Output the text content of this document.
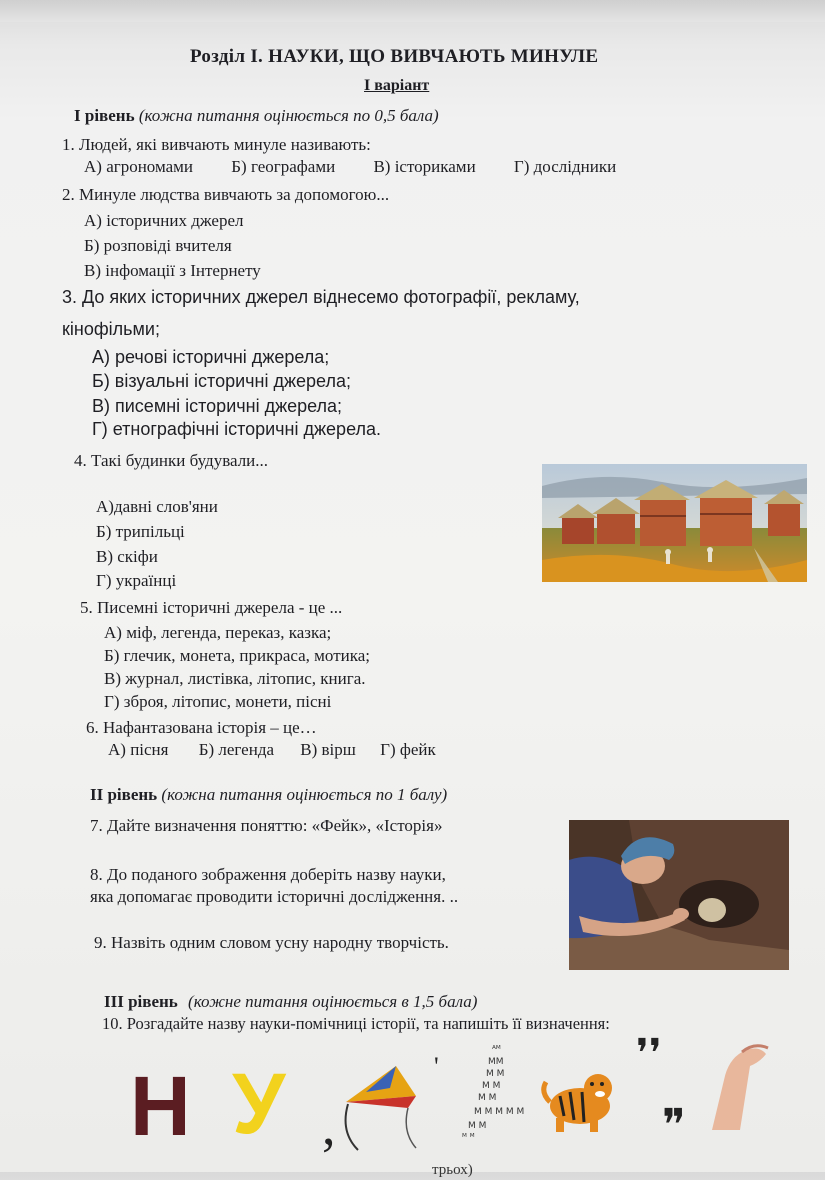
Розділ І. НАУКИ, ЩО ВИВЧАЮТЬ МИНУЛЕ
І варіант
І рівень (кожна питання оцінюється по 0,5 бала)
1. Людей, які вивчають минуле називають:
А) агрономами Б) географами В) істориками Г) дослідники
2. Минуле людства вивчають за допомогою...
А) історичних джерел
Б) розповіді вчителя
В) інфомації з Інтернету
3. До яких історичних джерел віднесемо фотографії, рекламу,
кінофільми;
А) речові історичні джерела;
Б) візуальні історичні джерела;
В) писемні історичні джерела;
Г) етнографічні історичні джерела.
4. Такі будинки будували...
А)давні слов'яни
Б) трипільці
В) скіфи
Г) українці
5. Писемні історичні джерела - це ...
А) міф, легенда, переказ, казка;
Б) глечик, монета, прикраса, мотика;
В) журнал, листівка, літопис, книга.
Г) зброя, літопис, монети, пісні
6. Нафантазована історія – це…
А) пісня Б) легенда В) вірш Г) фейк
ІІ рівень (кожна питання оцінюється по 1 балу)
7. Дайте визначення поняттю: «Фейк», «Історія»
8. До поданого зображення доберіть назву науки,
яка допомагає проводити історичні дослідження. ..
9. Назвіть одним словом усну народну творчість.
ІІІ рівень (кожне питання оцінюється в 1,5 бала)
10. Розгадайте назву науки-помічниці історії, та напишіть її визначення:
Н У ,
'
ᴬᴹ
MM
M M
M M
M M
M M M M M
M M
ᴹ ᴹ
❜❜
❞
трьох)
